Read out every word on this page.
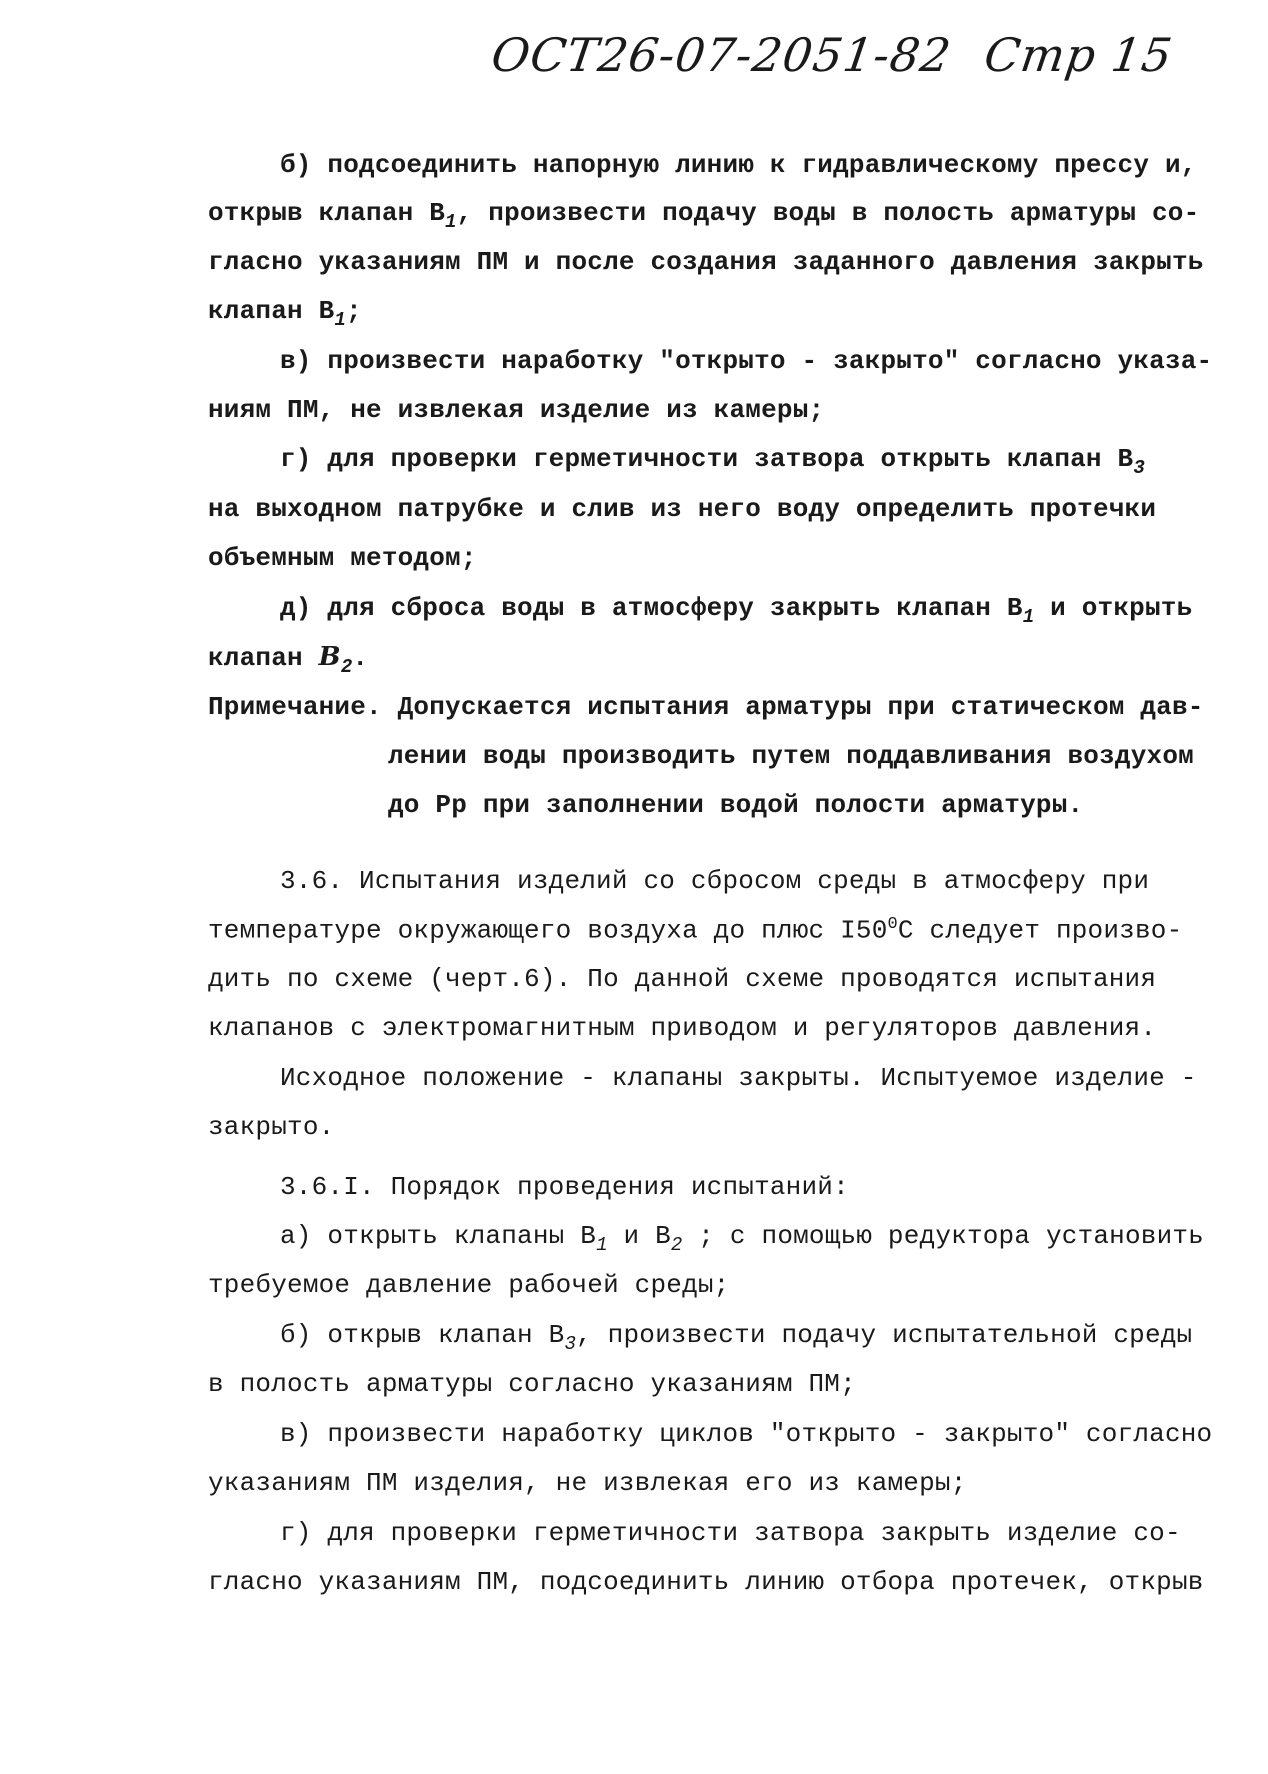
ОСТ26-07-2051-82 Стр 15
б) подсоединить напорную линию к гидравлическому прессу и,
открыв клапан $В_1$, произвести подачу воды в полость арматуры со-
гласно указаниям ПМ и после создания заданного давления закрыть
клапан $В_1$;
в) произвести наработку "открыто - закрыто" согласно указа-
ниям ПМ, не извлекая изделие из камеры;
г) для проверки герметичности затвора открыть клапан $В_3$
на выходном патрубке и слив из него воду определить протечки
объемным методом;
д) для сброса воды в атмосферу закрыть клапан $В_1$ и открыть
клапан $В_2$.
Примечание. Допускается испытания арматуры при статическом дав-
лении воды производить путем поддавливания воздухом
до Рр при заполнении водой полости арматуры.
3.6. Испытания изделий со сбросом среды в атмосферу при
температуре окружающего воздуха до плюс $I50^0С$ следует произво-
дить по схеме (черт.6). По данной схеме проводятся испытания
клапанов с электромагнитным приводом и регуляторов давления.
Исходное положение - клапаны закрыты. Испытуемое изделие -
закрыто.
3.6.I. Порядок проведения испытаний:
а) открыть клапаны $В_1$ и $В_2$ ; с помощью редуктора установить
требуемое давление рабочей среды;
б) открыв клапан $В_3$, произвести подачу испытательной среды
в полость арматуры согласно указаниям ПМ;
в) произвести наработку циклов "открыто - закрыто" согласно
указаниям ПМ изделия, не извлекая его из камеры;
г) для проверки герметичности затвора закрыть изделие со-
гласно указаниям ПМ, подсоединить линию отбора протечек, открыв
